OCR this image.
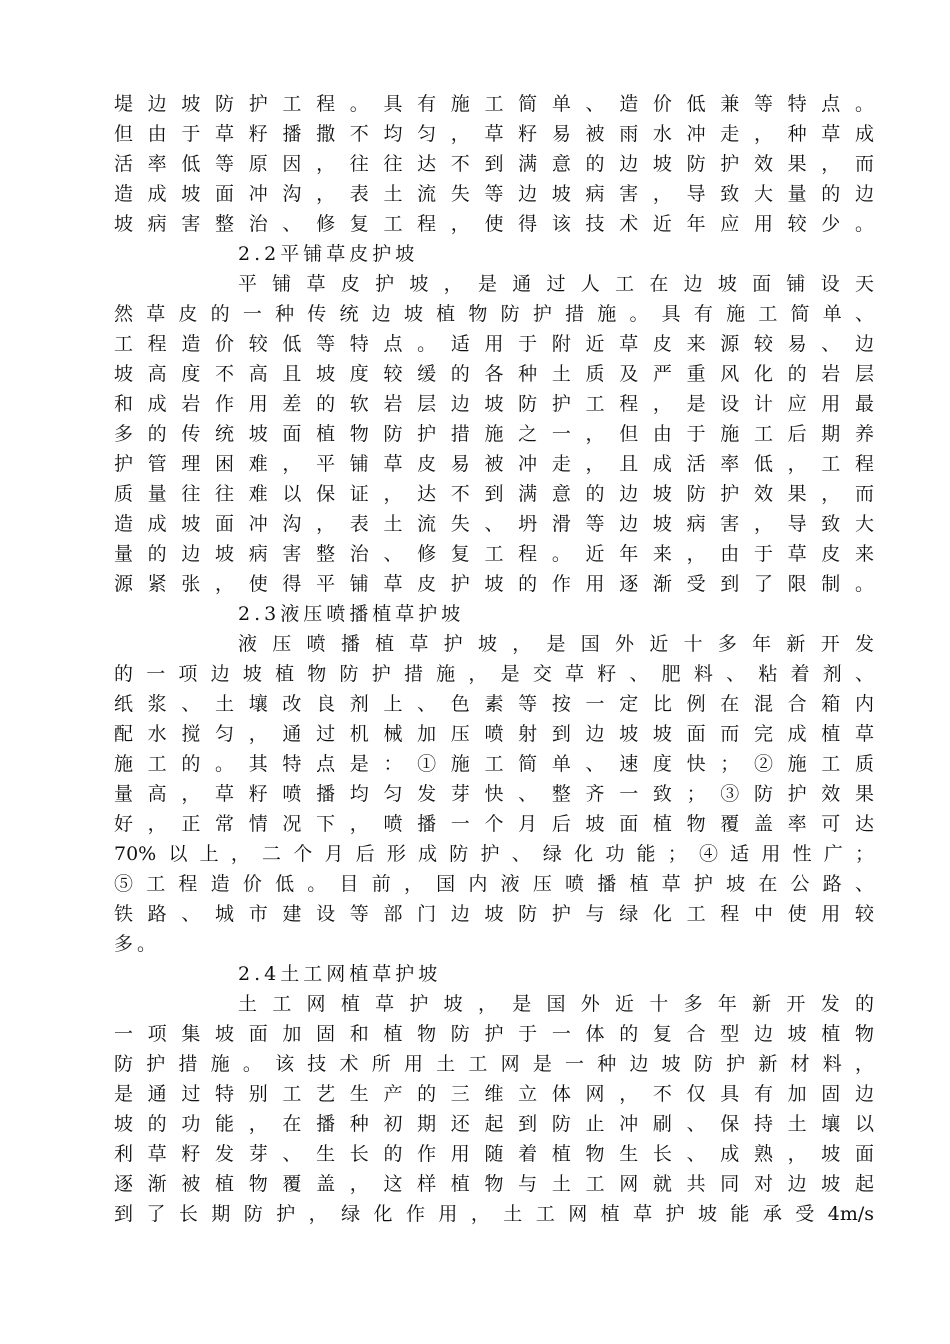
堤边坡防护工程。具有施工简单、造价低兼等特点。
但由于草籽播撒不均匀，草籽易被雨水冲走，种草成
活率低等原因，往往达不到满意的边坡防护效果，而
造成坡面冲沟，表土流失等边坡病害，导致大量的边
坡病害整治、修复工程，使得该技术近年应用较少。
2.2平铺草皮护坡
平铺草皮护坡，是通过人工在边坡面铺设天
然草皮的一种传统边坡植物防护措施。具有施工简单、
工程造价较低等特点。适用于附近草皮来源较易、边
坡高度不高且坡度较缓的各种土质及严重风化的岩层
和成岩作用差的软岩层边坡防护工程，是设计应用最
多的传统坡面植物防护措施之一，但由于施工后期养
护管理困难，平铺草皮易被冲走，且成活率低，工程
质量往往难以保证，达不到满意的边坡防护效果，而
造成坡面冲沟，表土流失、坍滑等边坡病害，导致大
量的边坡病害整治、修复工程。近年来，由于草皮来
源紧张，使得平铺草皮护坡的作用逐渐受到了限制。
2.3液压喷播植草护坡
液压喷播植草护坡，是国外近十多年新开发
的一项边坡植物防护措施，是交草籽、肥料、粘着剂、
纸浆、土壤改良剂上、色素等按一定比例在混合箱内
配水搅匀，通过机械加压喷射到边坡坡面而完成植草
施工的。其特点是：①施工简单、速度快；②施工质
量高，草籽喷播均匀发芽快、整齐一致；③防护效果
好，正常情况下，喷播一个月后坡面植物覆盖率可达
70%以上，二个月后形成防护、绿化功能；④适用性广；
⑤工程造价低。目前，国内液压喷播植草护坡在公路、
铁路、城市建设等部门边坡防护与绿化工程中使用较
多。
2.4土工网植草护坡
土工网植草护坡，是国外近十多年新开发的
一项集坡面加固和植物防护于一体的复合型边坡植物
防护措施。该技术所用土工网是一种边坡防护新材料，
是通过特别工艺生产的三维立体网，不仅具有加固边
坡的功能，在播种初期还起到防止冲刷、保持土壤以
利草籽发芽、生长的作用随着植物生长、成熟，坡面
逐渐被植物覆盖，这样植物与土工网就共同对边坡起
到了长期防护，绿化作用，土工网植草护坡能承受4m/s
